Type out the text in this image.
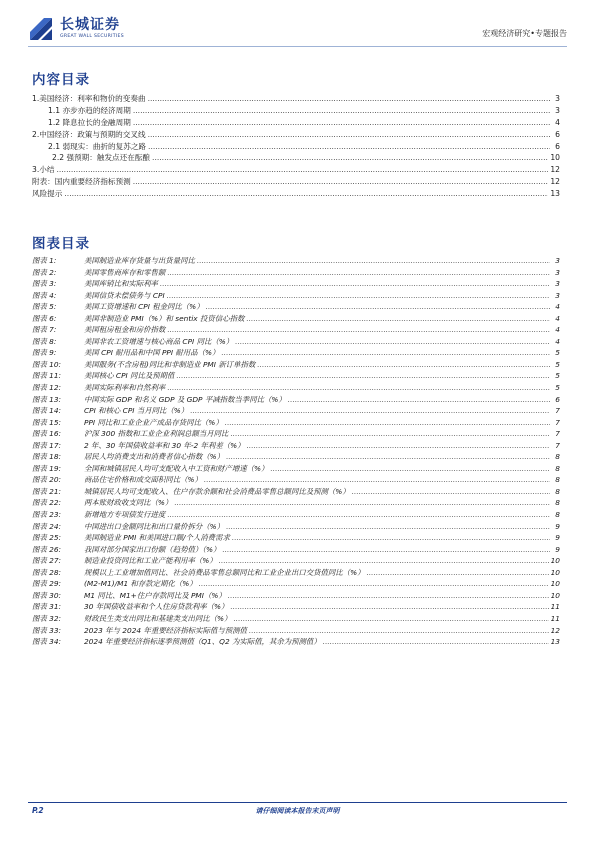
长城证券
GREAT WALL SECURITIES	宏观经济研究•专题报告
内容目录
1.美国经济：利率和物价的变奏曲 .....	3
1.1 亦步亦趋的经济周期 .....	3
1.2 降息拉长的金融周期 .....	4
2.中国经济：政策与预期的交叉线 .....	6
2.1 弱现实：曲折的复苏之路 .....	6
2.2 强预期：触发点还在酝酿 .....	10
3.小结 .....	12
附表：国内重要经济指标预测 .....	12
风险提示 .....	13
图表目录
图表 1:	美国制造业库存货量与出货量同比 .....	3
图表 2:	美国零售商库存和零售额 .....	3
图表 3:	美国库销比和实际利率 .....	3
图表 4:	美国信贷未偿债务与 CPI .....	3
图表 5:	美国工资增速和 CPI 租金同比（%） .....	4
图表 6:	美国非制造业 PMI（%）和 sentix 投资信心指数 .....	4
图表 7:	美国租房租金和房价指数 .....	4
图表 8:	美国非农工资增速与核心商品 CPI 同比（%） .....	4
图表 9:	美国 CPI 耐用品和中国 PPI 耐用品（%） .....	5
图表 10:	美国服务(不含房租)同比和非制造业 PMI 新订单指数 .....	5
图表 11:	美国核心 CPI 同比及预期值 .....	5
图表 12:	美国实际利率和自然利率 .....	5
图表 13:	中国实际 GDP 和名义 GDP 及 GDP 平减指数当季同比（%） .....	6
图表 14:	CPI 和核心 CPI 当月同比（%） .....	7
图表 15:	PPI 同比和工业企业产成品存货同比（%） .....	7
图表 16:	沪深 300 指数和工业企业利润总额当月同比 .....	7
图表 17:	2 年、30 年国债收益率和 30 年-2 年利差（%） .....	7
图表 18:	居民人均消费支出和消费者信心指数（%） .....	8
图表 19:	全国和城镇居民人均可支配收入中工资和财产增速（%） .....	8
图表 20:	商品住宅价格和成交面积同比（%） .....	8
图表 21:	城镇居民人均可支配收入、住户存款余额和社会消费品零售总额同比及预测（%） .....	8
图表 22:	两本账财政收支同比（%） .....	8
图表 23:	新增地方专项债发行进度 .....	8
图表 24:	中国进出口金额同比和出口量价拆分（%） .....	9
图表 25:	美国制造业 PMI 和美国进口额/个人消费需求 .....	9
图表 26:	我国对部分国家出口份额（趋势值）（%） .....	9
图表 27:	制造业投资同比和工业产能利用率（%） .....	10
图表 28:	规模以上工业增加值同比、社会消费品零售总额同比和工业企业出口交货值同比（%） .....	10
图表 29:	(M2-M1)/M1 和存款定期化（%） .....	10
图表 30:	M1 同比、M1+住户存款同比及 PMI（%） .....	10
图表 31:	30 年国债收益率和个人住房贷款利率（%） .....	11
图表 32:	财政民生类支出同比和基建类支出同比（%） .....	11
图表 33:	2023 年与 2024 年重要经济指标实际值与预测值 .....	12
图表 34:	2024 年重要经济指标逐季预测值（Q1、Q2 为实际值，其余为预测值） .....	13
P.2	请仔细阅读本报告末页声明
